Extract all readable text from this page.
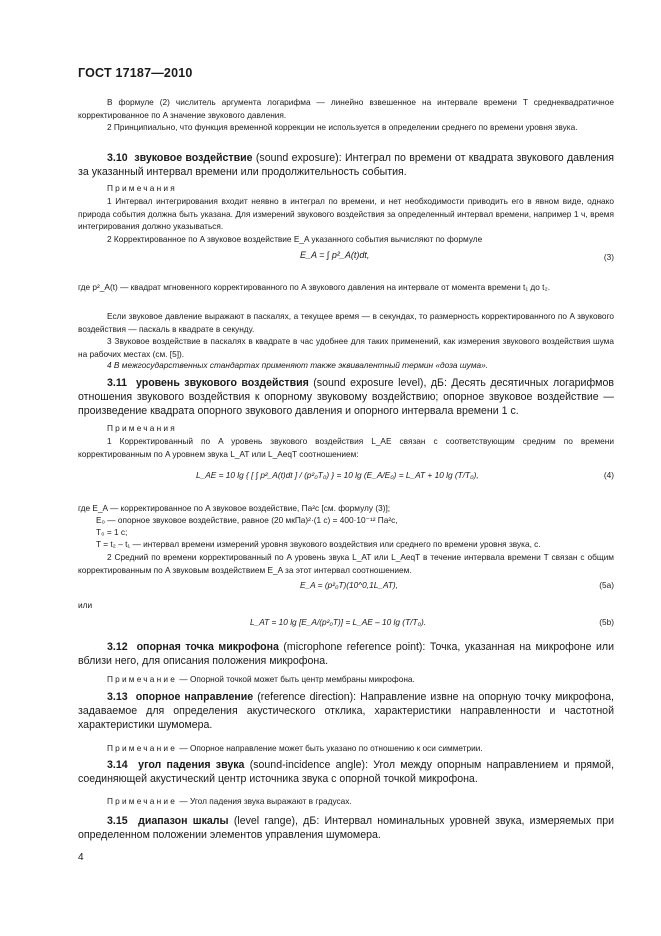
ГОСТ 17187—2010
В формуле (2) числитель аргумента логарифма — линейно взвешенное на интервале времени T среднеквадратичное корректированное по A значение звукового давления.
2 Принципиально, что функция временной коррекции не используется в определении среднего по времени уровня звука.
3.10 звуковое воздействие (sound exposure): Интеграл по времени от квадрата звукового давления за указанный интервал времени или продолжительность события.
Примечания
1 Интервал интегрирования входит неявно в интеграл по времени, и нет необходимости приводить его в явном виде, однако природа события должна быть указана. Для измерений звукового воздействия за определенный интервал времени, например 1 ч, время интегрирования должно указываться.
2 Корректированное по A звуковое воздействие E_A указанного события вычисляют по формуле
E_A = ∫ p²_A(t)dt,	(3)
где p²_A(t) — квадрат мгновенного корректированного по A звукового давления на интервале от момента времени t₁ до t₂.
Если звуковое давление выражают в паскалях, а текущее время — в секундах, то размерность корректированного по A звукового воздействия — паскаль в квадрате в секунду.
3 Звуковое воздействие в паскалях в квадрате в час удобнее для таких применений, как измерения звукового воздействия шума на рабочих местах (см. [5]).
4 В межгосударственных стандартах применяют также эквивалентный термин «доза шума».
3.11 уровень звукового воздействия (sound exposure level), дБ: Десять десятичных логарифмов отношения звукового воздействия к опорному звуковому воздействию; опорное звуковое воздействие — произведение квадрата опорного звукового давления и опорного интервала времени 1 с.
Примечания
1 Корректированный по A уровень звукового воздействия L_AE связан с соответствующим средним по времени корректированным по A уровнем звука L_AT или L_AeqT соотношением:
L_AE = 10 lg { [ ∫ p²_A(t)dt ] / (p²₀T₀) } = 10 lg (E_A/E₀) = L_AT + 10 lg (T/T₀),	(4)
где E_A — корректированное по A звуковое воздействие, Па²с [см. формулу (3)];
E₀ — опорное звуковое воздействие, равное (20 мкПа)²·(1 с) = 400·10⁻¹² Па²с,
T₀ = 1 с;
T = t₂ – t₁ — интервал времени измерений уровня звукового воздействия или среднего по времени уровня звука, с.
2 Средний по времени корректированный по A уровень звука L_AT или L_AeqT в течение интервала времени T связан с общим корректированным по A звуковым воздействием E_A за этот интервал соотношением.
E_A = (p²₀T)(10^0,1L_AT),	(5a)
или
L_AT = 10 lg [E_A/(p²₀T)] = L_AE – 10 lg (T/T₀).	(5b)
3.12 опорная точка микрофона (microphone reference point): Точка, указанная на микрофоне или вблизи него, для описания положения микрофона.
Примечание — Опорной точкой может быть центр мембраны микрофона.
3.13 опорное направление (reference direction): Направление извне на опорную точку микрофона, задаваемое для определения акустического отклика, характеристики направленности и частотной характеристики шумомера.
Примечание — Опорное направление может быть указано по отношению к оси симметрии.
3.14 угол падения звука (sound-incidence angle): Угол между опорным направлением и прямой, соединяющей акустический центр источника звука с опорной точкой микрофона.
Примечание — Угол падения звука выражают в градусах.
3.15 диапазон шкалы (level range), дБ: Интервал номинальных уровней звука, измеряемых при определенном положении элементов управления шумомера.
4
